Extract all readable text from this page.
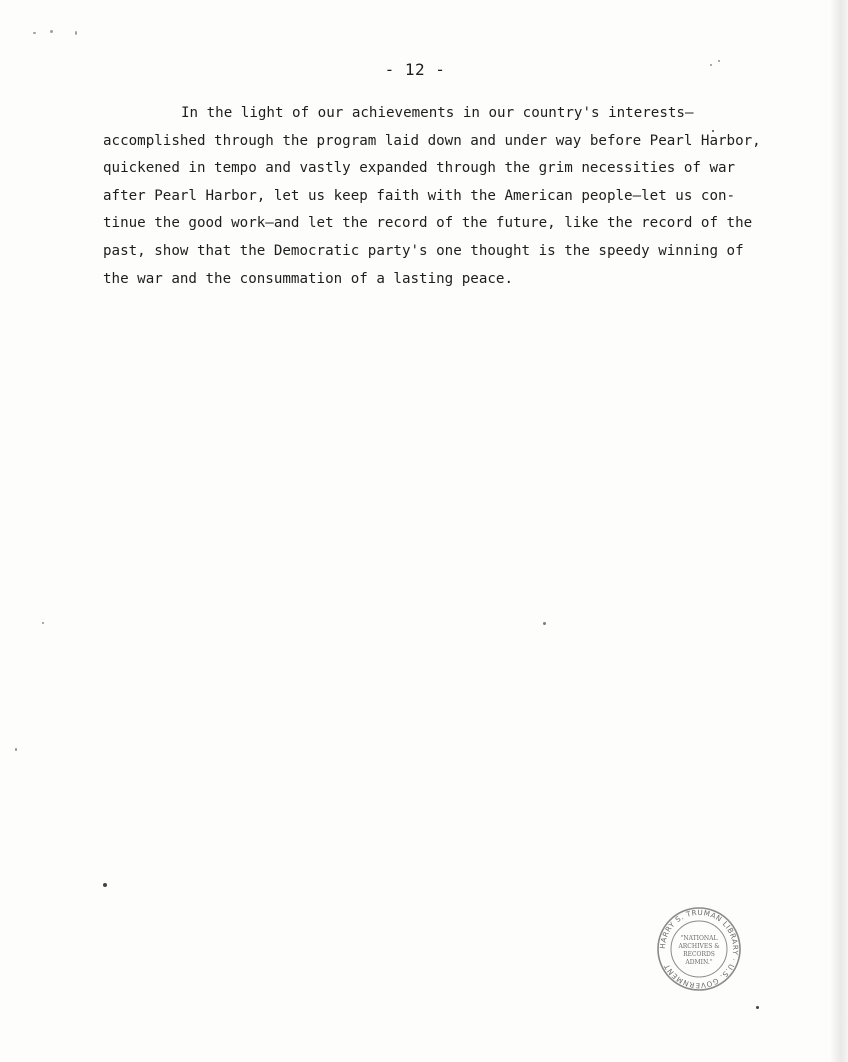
- 12 -
In the light of our achievements in our country's interests—
accomplished through the program laid down and under way before Pearl Harbor,
quickened in tempo and vastly expanded through the grim necessities of war
after Pearl Harbor, let us keep faith with the American people—let us con-
tinue the good work—and let the record of the future, like the record of the
past, show that the Democratic party's one thought is the speedy winning of
the war and the consummation of a lasting peace.
HARRY S. TRUMAN LIBRARY · U.S. GOVERNMENT
"NATIONAL
ARCHIVES &
RECORDS
ADMIN."
